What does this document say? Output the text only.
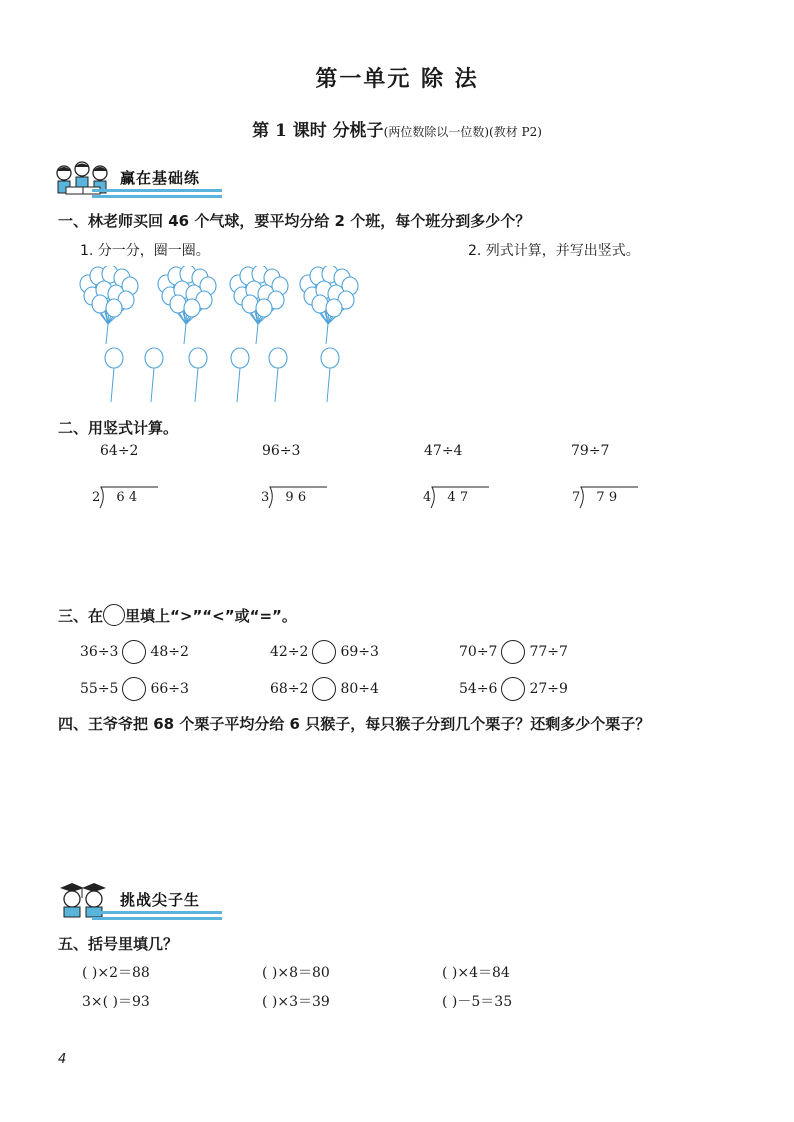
第一单元 除 法
第 1 课时 分桃子(两位数除以一位数)(教材 P2)
赢在基础练
一、林老师买回 46 个气球，要平均分给 2 个班，每个班分到多少个？
1. 分一分，圈一圈。	2. 列式计算，并写出竖式。
二、用竖式计算。
64÷2	96÷3	47÷4	79÷7
2 6 4	3 9 6	4 4 7	7 7 9
三、在 里填上“>”“<”或“=”。
36÷3 48÷2	42÷2 69÷3	70÷7 77÷7
55÷5 66÷3	68÷2 80÷4	54÷6 27÷9
四、王爷爷把 68 个栗子平均分给 6 只猴子，每只猴子分到几个栗子？还剩多少个栗子？
挑战尖子生
五、括号里填几？
( )×2＝88	( )×8＝80	( )×4＝84
3×( )＝93	( )×3＝39	( )－5＝35
4
